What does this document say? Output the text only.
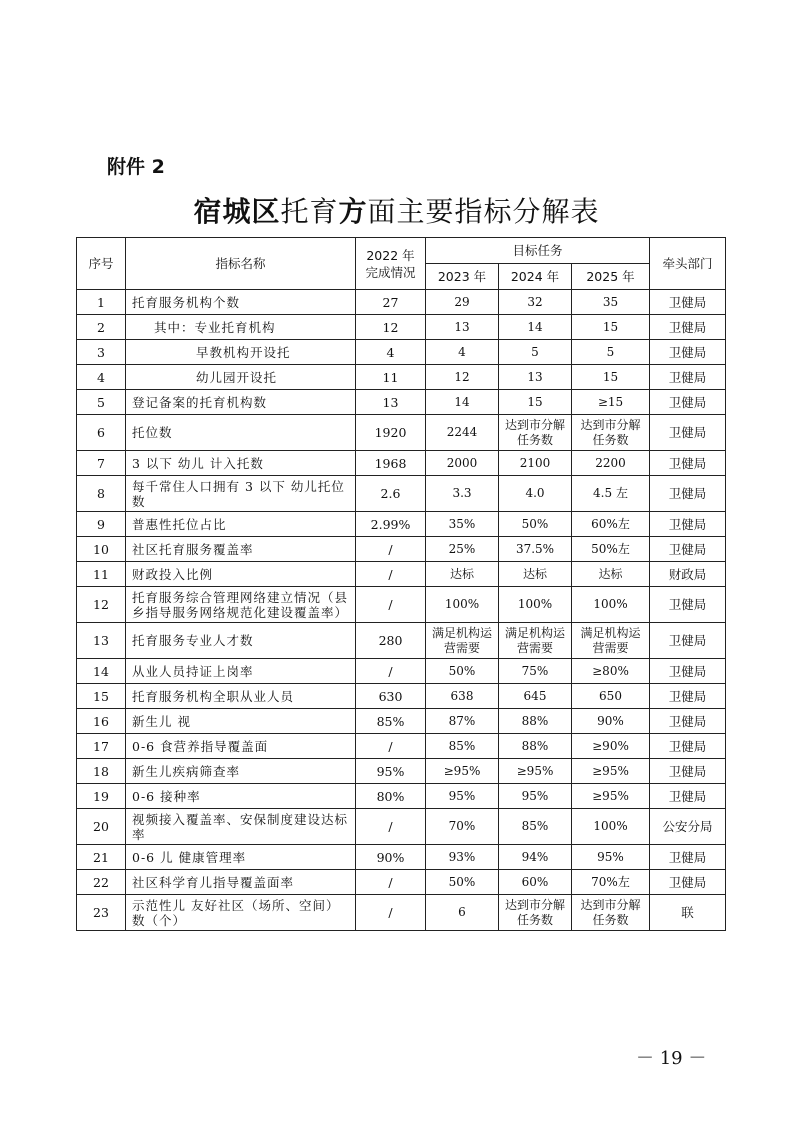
附件 2
宿城区托育方面主要指标分解表
序号	指标名称	2022 年完成情况	目标任务			牵头部门
			2023 年	2024 年	2025 年	
1	托育服务机构个数	27	29	32	35	卫健局
2	其中：专业托育机构	12	13	14	15	卫健局
3	早教机构开设托	4	4	5	5	卫健局
4	幼儿园开设托	11	12	13	15	卫健局
5	登记备案的托育机构数	13	14	15	≥15	卫健局
6	托位数	1920	2244	达到市分解任务数	达到市分解任务数	卫健局
7	3 以下 幼儿 计入托数	1968	2000	2100	2200	卫健局
8	每千常住人口拥有 3 以下 幼儿托位数	2.6	3.3	4.0	4.5 左	卫健局
9	普惠性托位占比	2.99%	35%	50%	60%左	卫健局
10	社区托育服务覆盖率	/	25%	37.5%	50%左	卫健局
11	财政投入比例	/	达标	达标	达标	财政局
12	托育服务综合管理网络建立情况（县乡指导服务网络规范化建设覆盖率）	/	100%	100%	100%	卫健局
13	托育服务专业人才数	280	满足机构运营需要	满足机构运营需要	满足机构运营需要	卫健局
14	从业人员持证上岗率	/	50%	75%	≥80%	卫健局
15	托育服务机构全职从业人员	630	638	645	650	卫健局
16	新生儿 视	85%	87%	88%	90%	卫健局
17	0-6 食营养指导覆盖面	/	85%	88%	≥90%	卫健局
18	新生儿疾病筛查率	95%	≥95%	≥95%	≥95%	卫健局
19	0-6 接种率	80%	95%	95%	≥95%	卫健局
20	视频接入覆盖率、安保制度建设达标率	/	70%	85%	100%	公安分局
21	0-6 儿 健康管理率	90%	93%	94%	95%	卫健局
22	社区科学育儿指导覆盖面率	/	50%	60%	70%左	卫健局
23	示范性儿 友好社区（场所、空间）数（个）	/	6	达到市分解任务数	达到市分解任务数	联
－ 19 －
